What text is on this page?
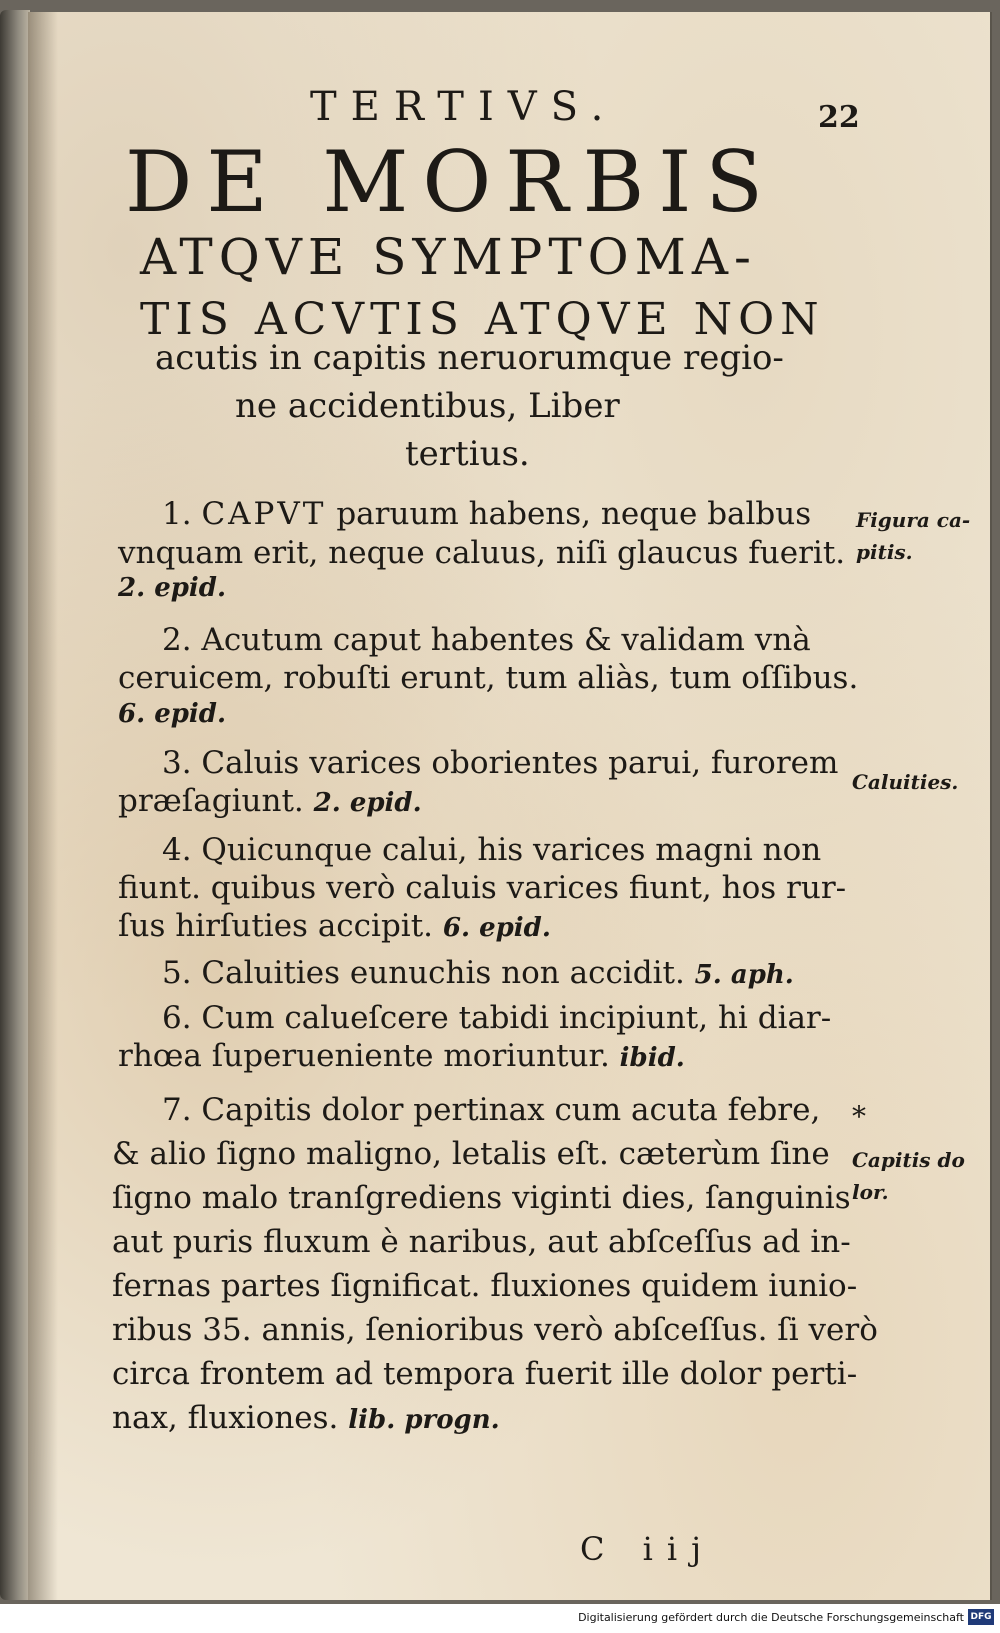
TERTIVS.	22
DE MORBIS
ATQVE SYMPTOMA-
TIS ACVTIS ATQVE NON
acutis in capitis neruorumque regio-
ne accidentibus, Liber
tertius.
1. CAPVT paruum habens, neque balbus
vnquam erit, neque caluus, niſi glaucus fuerit.
2. epid.
2. Acutum caput habentes & validam vnà
ceruicem, robuſti erunt, tum aliàs, tum oſſibus.
6. epid.
3. Caluis varices oborientes parui, furorem
præſagiunt. 2. epid.
4. Quicunque calui, his varices magni non
fiunt. quibus verò caluis varices fiunt, hos rur-
ſus hirſuties accipit. 6. epid.
5. Caluities eunuchis non accidit. 5. aph.
6. Cum caluеſcere tabidi incipiunt, hi diar-
rhœa ſuperueniente moriuntur. ibid.
7. Capitis dolor pertinax cum acuta febre,
& alio ſigno maligno, letalis eſt. cæterùm ſine
ſigno malo tranſgrediens viginti dies, ſanguinis
aut puris fluxum è naribus, aut abſceſſus ad in-
fernas partes ſignificat. fluxiones quidem iunio-
ribus 35. annis, ſenioribus verò abſceſſus. ſi verò
circa frontem ad tempora fuerit ille dolor perti-
nax, fluxiones. lib. progn.
Figura ca-
pitis.
Caluities.
*
Capitis do
lor.
C iij
Digitalisierung gefördert durch die Deutsche Forschungsgemeinschaft DFG
